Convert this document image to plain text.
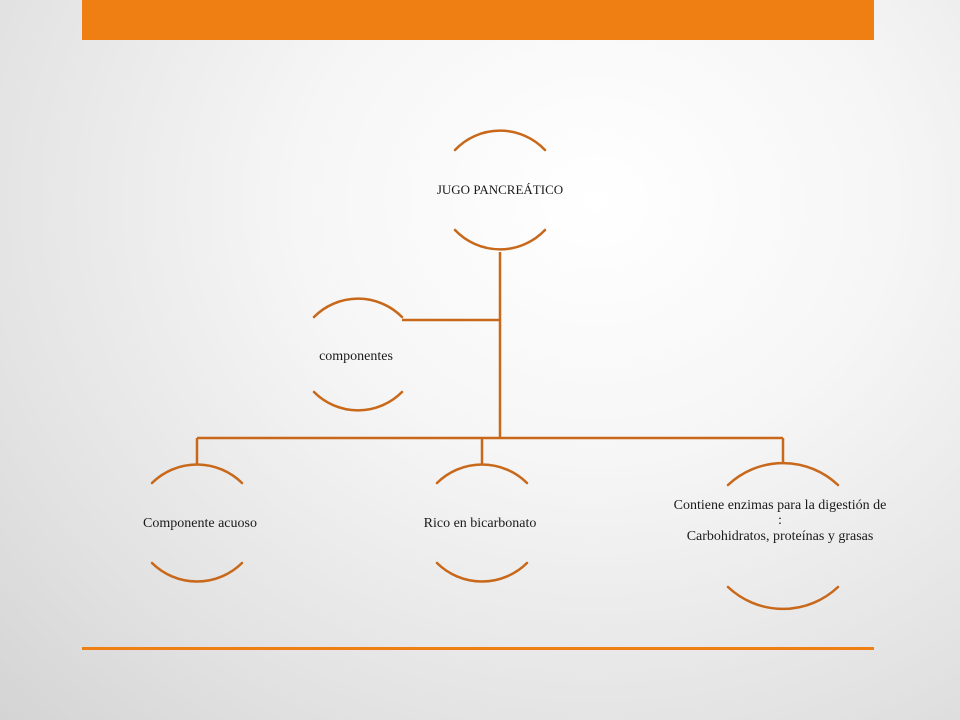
JUGO PANCREÁTICO
componentes
Componente acuoso	Rico en bicarbonato
Contiene enzimas para la digestión de
:
Carbohidratos, proteínas y grasas
